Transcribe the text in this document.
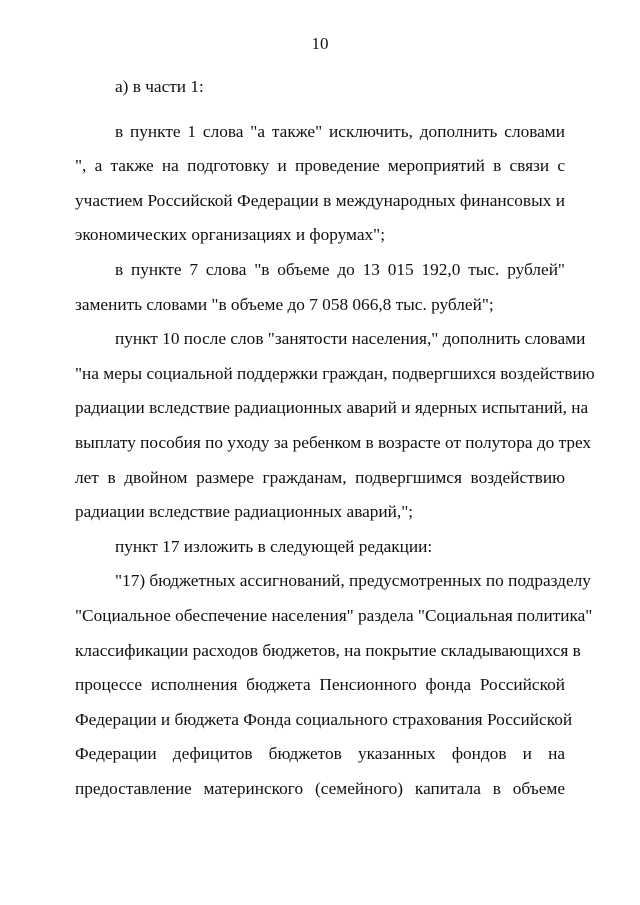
10
а) в части 1:
в пункте 1 слова "а также" исключить, дополнить словами
", а также на подготовку и проведение мероприятий в связи с
участием Российской Федерации в международных финансовых и
экономических организациях и форумах";
в пункте 7 слова "в объеме до 13 015 192,0 тыс. рублей"
заменить словами "в объеме до 7 058 066,8 тыс. рублей";
пункт 10 после слов "занятости населения," дополнить словами
"на меры социальной поддержки граждан, подвергшихся воздействию
радиации вследствие радиационных аварий и ядерных испытаний, на
выплату пособия по уходу за ребенком в возрасте от полутора до трех
лет в двойном размере гражданам, подвергшимся воздействию
радиации вследствие радиационных аварий,";
пункт 17 изложить в следующей редакции:
"17) бюджетных ассигнований, предусмотренных по подразделу
"Социальное обеспечение населения" раздела "Социальная политика"
классификации расходов бюджетов, на покрытие складывающихся в
процессе исполнения бюджета Пенсионного фонда Российской
Федерации и бюджета Фонда социального страхования Российской
Федерации дефицитов бюджетов указанных фондов и на
предоставление материнского (семейного) капитала в объеме
